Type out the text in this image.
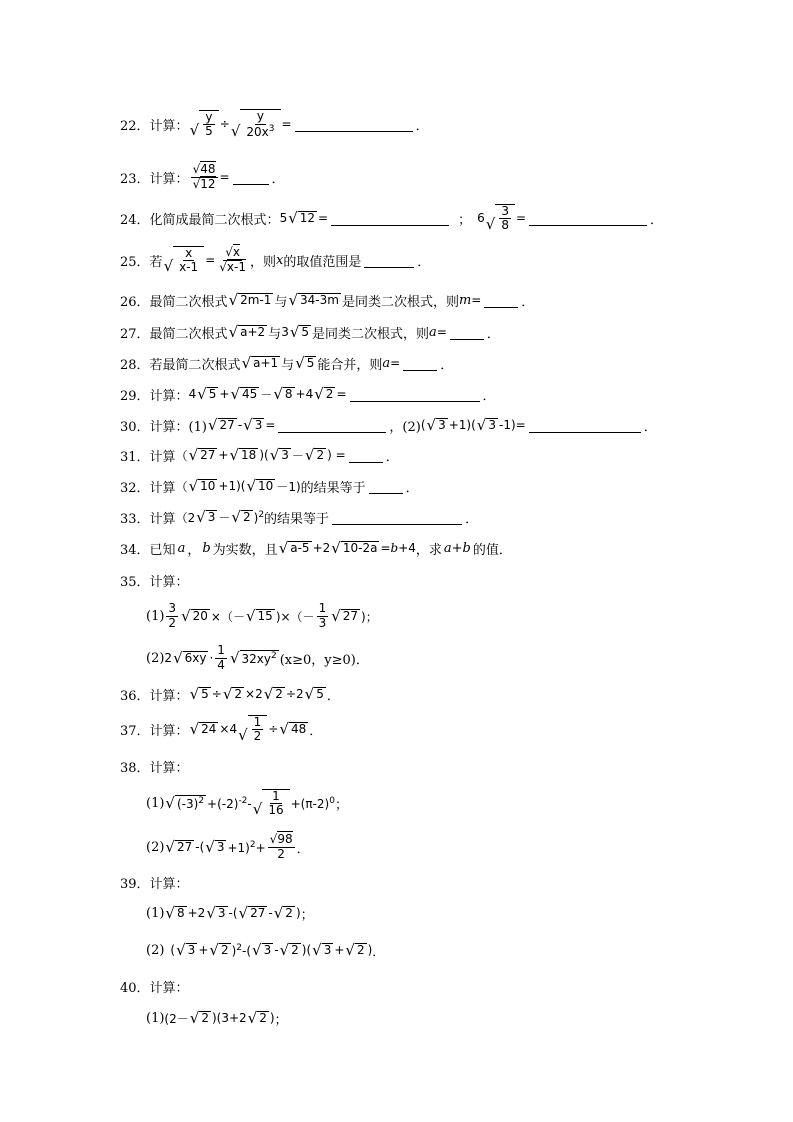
22． 计算： √ $\frac{y}{5}$ ÷ √ $\frac{y}{20x^3}$ =	．
23． 计算： $\frac{√48}{√12}$ =	．
24． 化简成最简二次根式： 5 √ 12 =	； 6 √ $\frac{3}{8}$ =	．
25． 若 √ $\frac{x}{x-1} = \frac{√x}{√x-1}$ ，则 x 的取值范围是	．
26． 最简二次根式 √ 2m-1 与 √ 34-3m 是同类二次根式，则 m =	．
27． 最简二次根式 √ a+2 与 3 √ 5 是同类二次根式，则 a =	．
28． 若最简二次根式 √ a+1 与 √ 5 能合并，则 a =	．
29． 计算： 4 √ 5 + √ 45 － √ 8 +4 √ 2 =	．
30． 计算：(1) √ 27 - √ 3 =	，(2) ( √ 3 +1)( √ 3 -1)=	．
31． 计算 （ √ 27 + √ 18 )( √ 3 － √ 2 ) =	．
32． 计算 （ √ 10 +1)( √ 10 －1) 的结果等于	．
33． 计算 （2 √ 3 － √ 2 )$^2$ 的结果等于	．
34． 已知 a ， b 为实数，且 √ a-5 +2 √ 10-2a =b+4 ，求 a+b 的值．
35． 计算：
$(1) \frac{3}{2}$ √ 20 ×（－ √ 15 )×（－ $\frac{1}{3}$ √ 27 )；
(2) 2 √ $6xy \cdot \frac{1}{4}$ √ $32xy^2$ (x≥0，y≥0)．
36． 计算： √ 5 ÷ √ 2 ×2 √ 2 ÷2 √ 5 ．
37． 计算： √ 24 ×4 √ $\frac{1}{2}$ ÷ √ 48 ．
38． 计算：
(1) √ $(-3)^2 +(-2)^{-2}-$ √ $\frac{1}{16} +(\pi-2)^0$ ；
(2) √ 27 -( √ $3 +1)^2+ \frac{√98}{2}$ ．
39． 计算：
(1) √ 8 +2 √ 3 -( √ 27 - √ 2 ) ；
(2) ( √ 3 + √ 2 )$^2$-( √ 3 - √ 2 )( √ 3 + √ 2 ) ．
40． 计算：
(1) (2－ √ 2 )(3+2 √ 2 ) ；
